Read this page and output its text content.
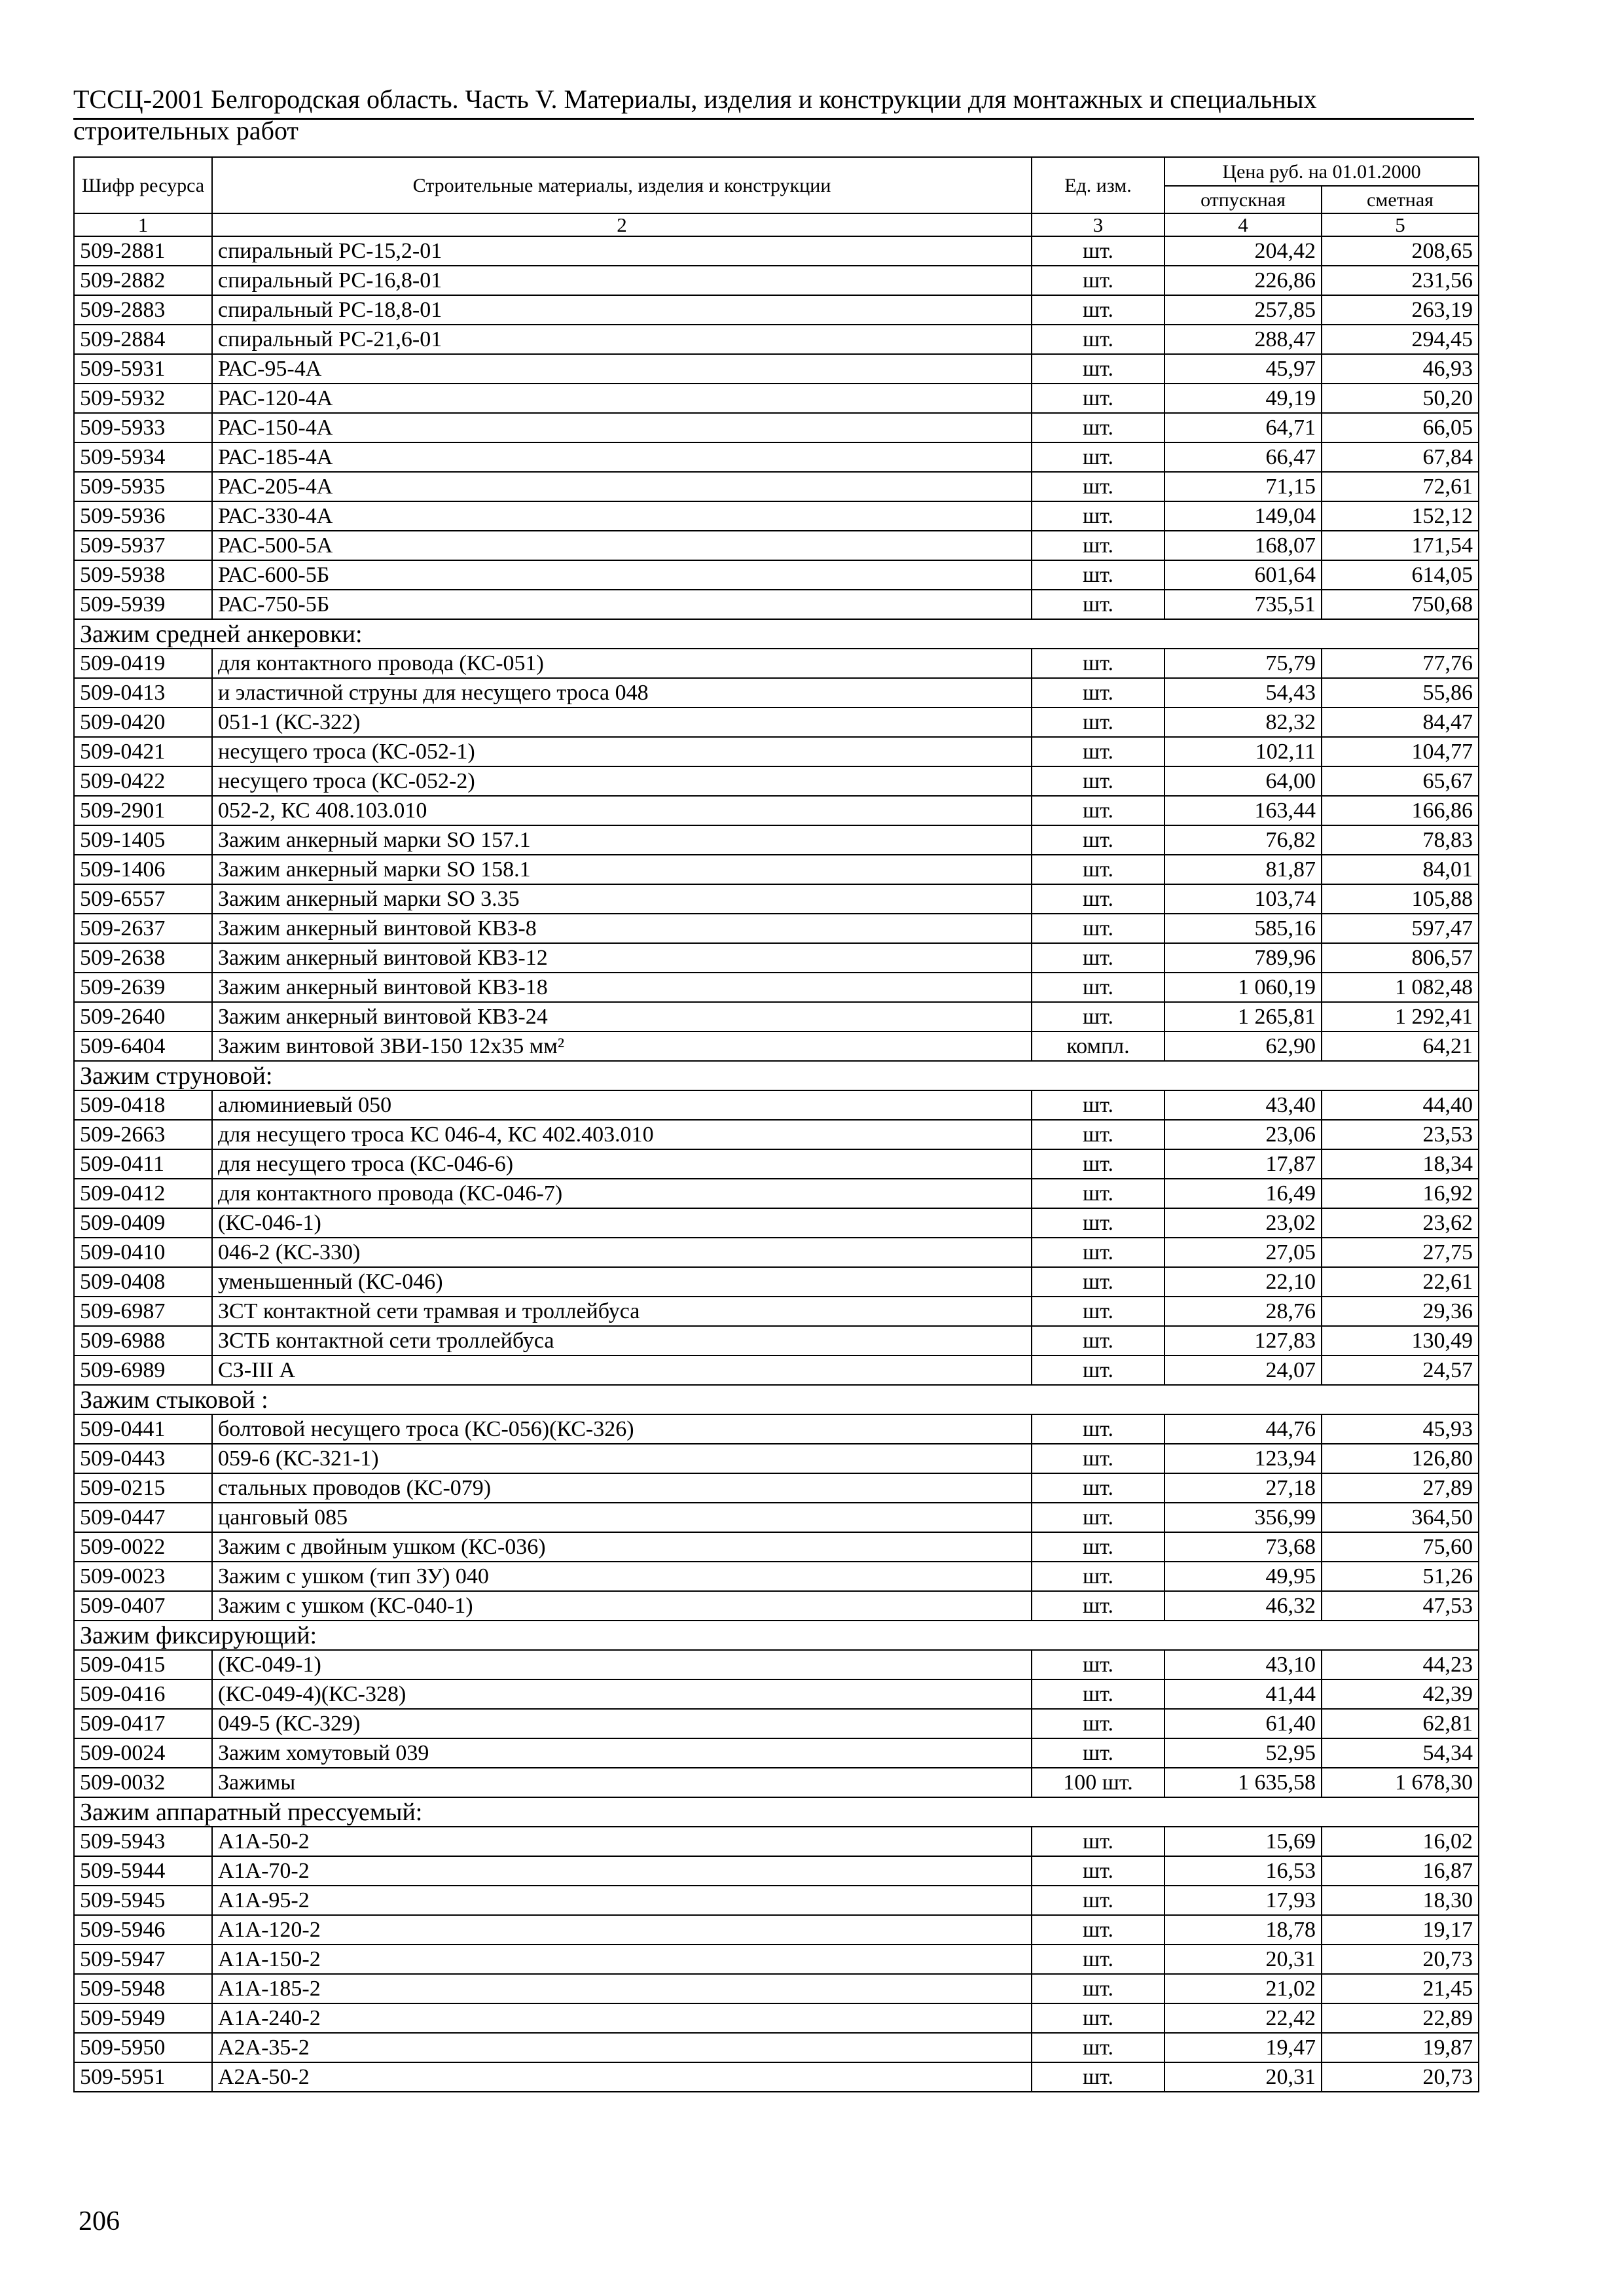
ТССЦ-2001 Белгородская область. Часть V. Материалы, изделия и конструкции для монтажных и специальных
строительных работ
Шифр ресурса	Строительные материалы, изделия и конструкции	Ед. изм.	Цена руб. на 01.01.2000	
			отпускная	сметная
1	2	3	4	5
509-2881	спиральный РС-15,2-01	шт.	204,42	208,65
509-2882	спиральный РС-16,8-01	шт.	226,86	231,56
509-2883	спиральный РС-18,8-01	шт.	257,85	263,19
509-2884	спиральный РС-21,6-01	шт.	288,47	294,45
509-5931	РАС-95-4А	шт.	45,97	46,93
509-5932	РАС-120-4А	шт.	49,19	50,20
509-5933	РАС-150-4А	шт.	64,71	66,05
509-5934	РАС-185-4А	шт.	66,47	67,84
509-5935	РАС-205-4А	шт.	71,15	72,61
509-5936	РАС-330-4А	шт.	149,04	152,12
509-5937	РАС-500-5А	шт.	168,07	171,54
509-5938	РАС-600-5Б	шт.	601,64	614,05
509-5939	РАС-750-5Б	шт.	735,51	750,68
Зажим средней анкеровки:				
509-0419	для контактного провода (КС-051)	шт.	75,79	77,76
509-0413	и эластичной струны для несущего троса 048	шт.	54,43	55,86
509-0420	051-1 (КС-322)	шт.	82,32	84,47
509-0421	несущего троса (КС-052-1)	шт.	102,11	104,77
509-0422	несущего троса (КС-052-2)	шт.	64,00	65,67
509-2901	052-2, КС 408.103.010	шт.	163,44	166,86
509-1405	Зажим анкерный марки SO 157.1	шт.	76,82	78,83
509-1406	Зажим анкерный марки SO 158.1	шт.	81,87	84,01
509-6557	Зажим анкерный марки SO 3.35	шт.	103,74	105,88
509-2637	Зажим анкерный винтовой КВЗ-8	шт.	585,16	597,47
509-2638	Зажим анкерный винтовой КВЗ-12	шт.	789,96	806,57
509-2639	Зажим анкерный винтовой КВЗ-18	шт.	1 060,19	1 082,48
509-2640	Зажим анкерный винтовой КВЗ-24	шт.	1 265,81	1 292,41
509-6404	Зажим винтовой ЗВИ-150 12х35 мм²	компл.	62,90	64,21
Зажим струновой:				
509-0418	алюминиевый 050	шт.	43,40	44,40
509-2663	для несущего троса КС 046-4, КС 402.403.010	шт.	23,06	23,53
509-0411	для несущего троса (КС-046-6)	шт.	17,87	18,34
509-0412	для контактного провода (КС-046-7)	шт.	16,49	16,92
509-0409	(КС-046-1)	шт.	23,02	23,62
509-0410	046-2 (КС-330)	шт.	27,05	27,75
509-0408	уменьшенный (КС-046)	шт.	22,10	22,61
509-6987	ЗСТ контактной сети трамвая и троллейбуса	шт.	28,76	29,36
509-6988	ЗСТБ контактной сети троллейбуса	шт.	127,83	130,49
509-6989	СЗ-III А	шт.	24,07	24,57
Зажим стыковой :				
509-0441	болтовой несущего троса (КС-056)(КС-326)	шт.	44,76	45,93
509-0443	059-6 (КС-321-1)	шт.	123,94	126,80
509-0215	стальных проводов (КС-079)	шт.	27,18	27,89
509-0447	цанговый 085	шт.	356,99	364,50
509-0022	Зажим с двойным ушком (КС-036)	шт.	73,68	75,60
509-0023	Зажим с ушком (тип ЗУ) 040	шт.	49,95	51,26
509-0407	Зажим с ушком (КС-040-1)	шт.	46,32	47,53
Зажим фиксирующий:				
509-0415	(КС-049-1)	шт.	43,10	44,23
509-0416	(КС-049-4)(КС-328)	шт.	41,44	42,39
509-0417	049-5 (КС-329)	шт.	61,40	62,81
509-0024	Зажим хомутовый 039	шт.	52,95	54,34
509-0032	Зажимы	100 шт.	1 635,58	1 678,30
Зажим аппаратный прессуемый:				
509-5943	А1А-50-2	шт.	15,69	16,02
509-5944	А1А-70-2	шт.	16,53	16,87
509-5945	А1А-95-2	шт.	17,93	18,30
509-5946	А1А-120-2	шт.	18,78	19,17
509-5947	А1А-150-2	шт.	20,31	20,73
509-5948	А1А-185-2	шт.	21,02	21,45
509-5949	А1А-240-2	шт.	22,42	22,89
509-5950	А2А-35-2	шт.	19,47	19,87
509-5951	А2А-50-2	шт.	20,31	20,73
206
